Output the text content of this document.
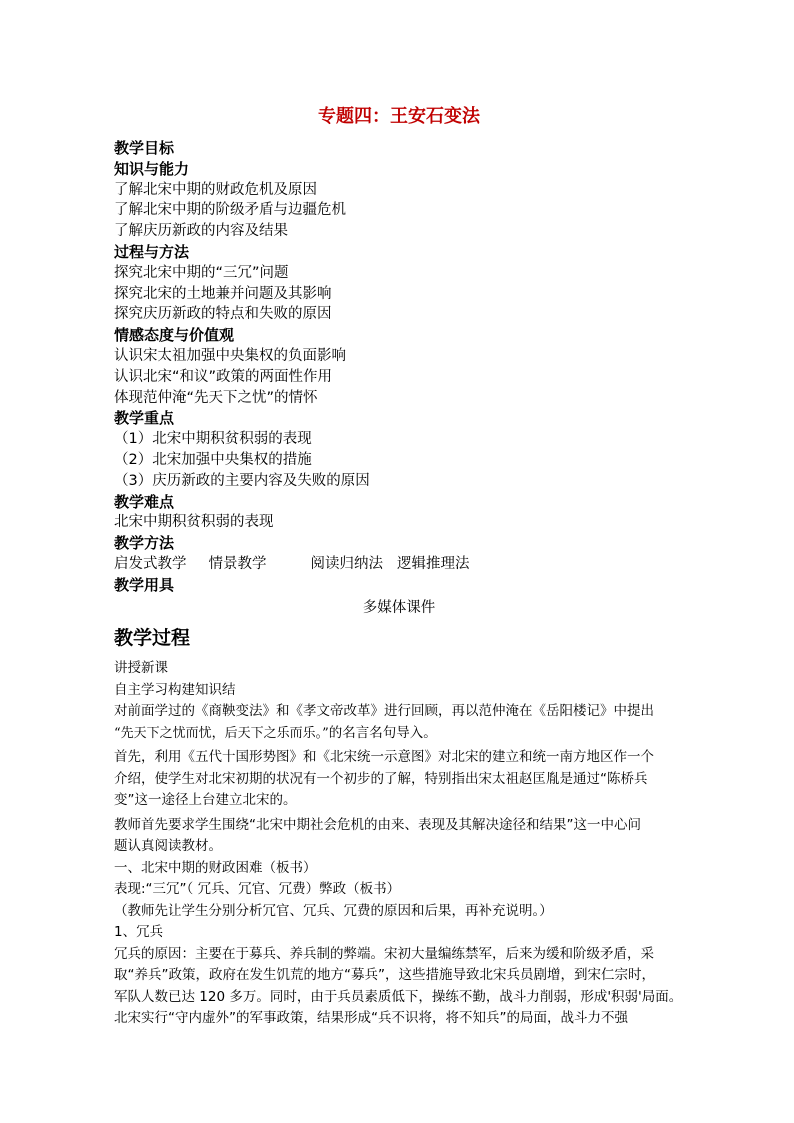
专题四：王安石变法
教学目标
知识与能力
了解北宋中期的财政危机及原因
了解北宋中期的阶级矛盾与边疆危机
了解庆历新政的内容及结果
过程与方法
探究北宋中期的“三冗”问题
探究北宋的土地兼并问题及其影响
探究庆历新政的特点和失败的原因
情感态度与价值观
认识宋太祖加强中央集权的负面影响
认识北宋“和议”政策的两面性作用
体现范仲淹“先天下之忧”的情怀
教学重点
（1）北宋中期积贫积弱的表现
（2）北宋加强中央集权的措施
（3）庆历新政的主要内容及失败的原因
教学难点
北宋中期积贫积弱的表现
教学方法
启发式教学 情景教学	阅读归纳法 逻辑推理法
教学用具
多媒体课件
教学过程
讲授新课
自主学习构建知识结
对前面学过的《商鞅变法》和《孝文帝改革》进行回顾，再以范仲淹在《岳阳楼记》中提出
“先天下之忧而忧，后天下之乐而乐。”的名言名句导入。
首先，利用《五代十国形势图》和《北宋统一示意图》对北宋的建立和统一南方地区作一个
介绍，使学生对北宋初期的状况有一个初步的了解，特别指出宋太祖赵匡胤是通过“陈桥兵
变”这一途径上台建立北宋的。
教师首先要求学生围绕“北宋中期社会危机的由来、表现及其解决途径和结果”这一中心问
题认真阅读教材。
一、北宋中期的财政困难（板书）
表现:“三冗”（ 冗兵、冗官、冗费）弊政（板书）
（教师先让学生分别分析冗官、冗兵、冗费的原因和后果，再补充说明。）
1、冗兵
冗兵的原因：主要在于募兵、养兵制的弊端。宋初大量编练禁军，后来为缓和阶级矛盾，采
取“养兵”政策，政府在发生饥荒的地方“募兵”，这些措施导致北宋兵员剧增，到宋仁宗时，
军队人数已达 120 多万。同时，由于兵员素质低下，操练不勤，战斗力削弱，形成'积弱'局面。
北宋实行“守内虚外”的军事政策，结果形成“兵不识将，将不知兵”的局面，战斗力不强
